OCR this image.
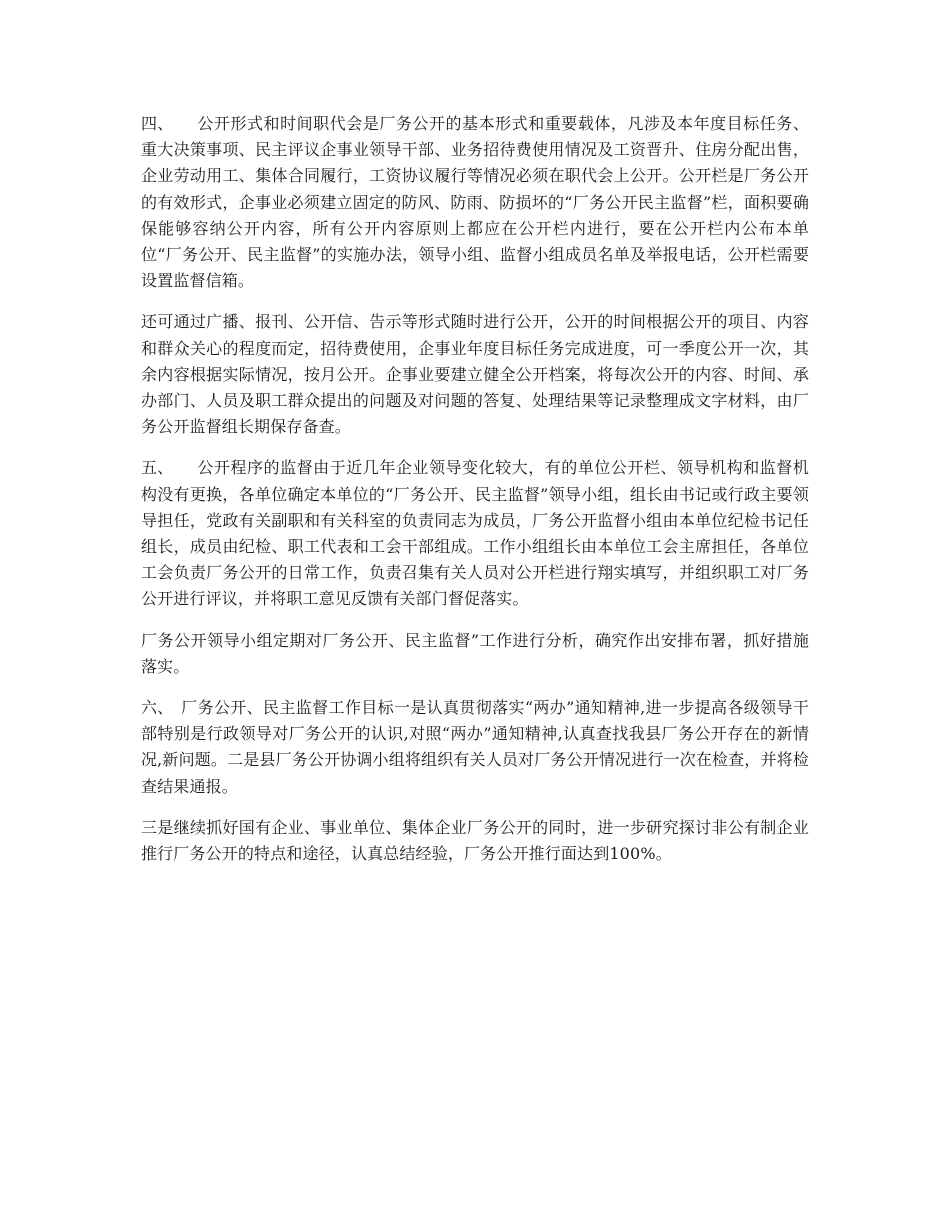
四、 公开形式和时间职代会是厂务公开的基本形式和重要载体，凡涉及本年度目标任务、重大决策事项、民主评议企事业领导干部、业务招待费使用情况及工资晋升、住房分配出售，企业劳动用工、集体合同履行，工资协议履行等情况必须在职代会上公开。公开栏是厂务公开的有效形式，企事业必须建立固定的防风、防雨、防损坏的“厂务公开民主监督”栏，面积要确保能够容纳公开内容，所有公开内容原则上都应在公开栏内进行，要在公开栏内公布本单位“厂务公开、民主监督”的实施办法，领导小组、监督小组成员名单及举报电话，公开栏需要设置监督信箱。

还可通过广播、报刊、公开信、告示等形式随时进行公开，公开的时间根据公开的项目、内容和群众关心的程度而定，招待费使用，企事业年度目标任务完成进度，可一季度公开一次，其余内容根据实际情况，按月公开。企事业要建立健全公开档案，将每次公开的内容、时间、承办部门、人员及职工群众提出的问题及对问题的答复、处理结果等记录整理成文字材料，由厂务公开监督组长期保存备查。

五、 公开程序的监督由于近几年企业领导变化较大，有的单位公开栏、领导机构和监督机构没有更换，各单位确定本单位的“厂务公开、民主监督”领导小组，组长由书记或行政主要领导担任，党政有关副职和有关科室的负责同志为成员，厂务公开监督小组由本单位纪检书记任组长，成员由纪检、职工代表和工会干部组成。工作小组组长由本单位工会主席担任，各单位工会负责厂务公开的日常工作，负责召集有关人员对公开栏进行翔实填写，并组织职工对厂务公开进行评议，并将职工意见反馈有关部门督促落实。

厂务公开领导小组定期对厂务公开、民主监督”工作进行分析，确究作出安排布署，抓好措施落实。

六、 厂务公开、民主监督工作目标一是认真贯彻落实“两办”通知精神,进一步提高各级领导干部特别是行政领导对厂务公开的认识,对照“两办”通知精神,认真查找我县厂务公开存在的新情况,新问题。二是县厂务公开协调小组将组织有关人员对厂务公开情况进行一次在检查，并将检查结果通报。

三是继续抓好国有企业、事业单位、集体企业厂务公开的同时，进一步研究探讨非公有制企业推行厂务公开的特点和途径，认真总结经验，厂务公开推行面达到100%。
